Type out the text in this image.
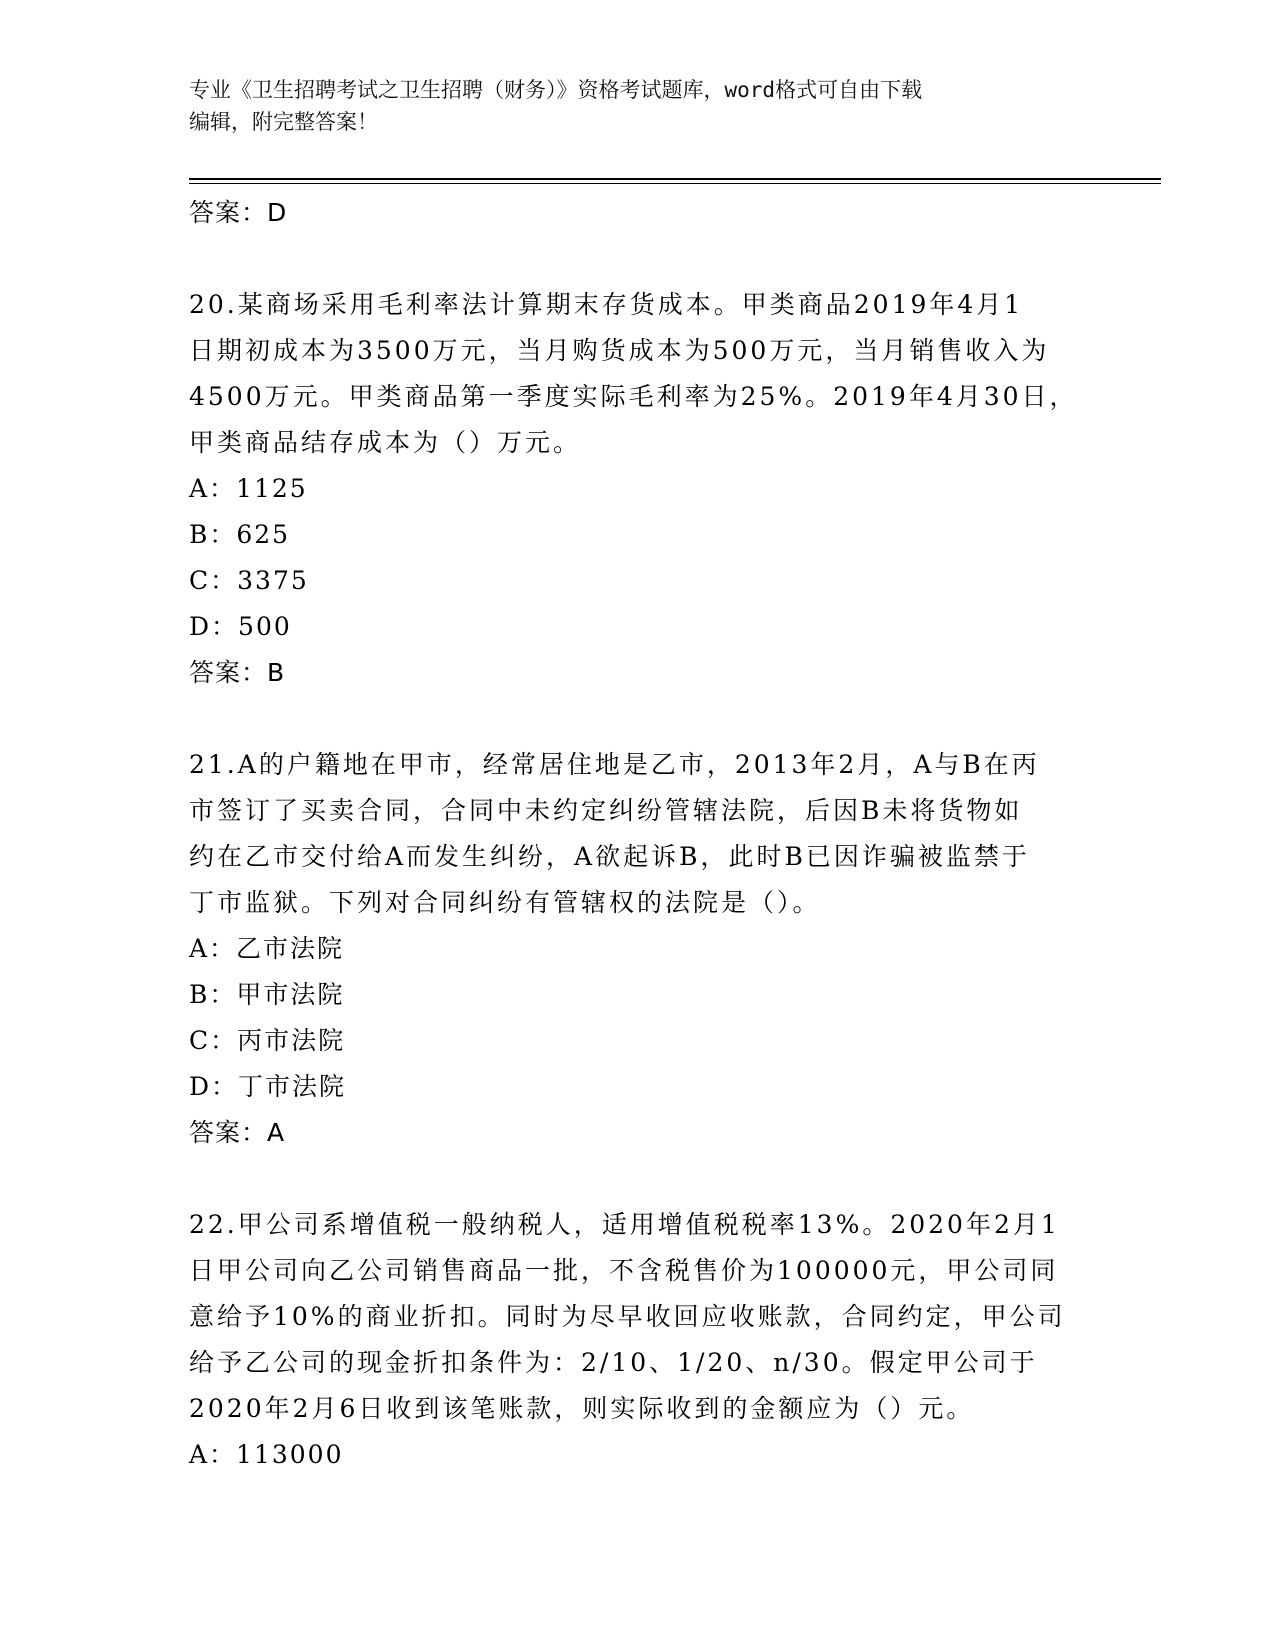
专业《卫生招聘考试之卫生招聘（财务）》资格考试题库，word格式可自由下载
编辑，附完整答案！
答案：D
20.某商场采用毛利率法计算期末存货成本。甲类商品2019年4月1
日期初成本为3500万元，当月购货成本为500万元，当月销售收入为
4500万元。甲类商品第一季度实际毛利率为25%。2019年4月30日，
甲类商品结存成本为（）万元。
A：1125
B：625
C：3375
D：500
答案：B
21.A的户籍地在甲市，经常居住地是乙市，2013年2月，A与B在丙
市签订了买卖合同，合同中未约定纠纷管辖法院，后因B未将货物如
约在乙市交付给A而发生纠纷，A欲起诉B，此时B已因诈骗被监禁于
丁市监狱。下列对合同纠纷有管辖权的法院是（）。
A：乙市法院
B：甲市法院
C：丙市法院
D：丁市法院
答案：A
22.甲公司系增值税一般纳税人，适用增值税税率13%。2020年2月1
日甲公司向乙公司销售商品一批，不含税售价为100000元，甲公司同
意给予10%的商业折扣。同时为尽早收回应收账款，合同约定，甲公司
给予乙公司的现金折扣条件为：2/10、1/20、n/30。假定甲公司于
2020年2月6日收到该笔账款，则实际收到的金额应为（）元。
A：113000
